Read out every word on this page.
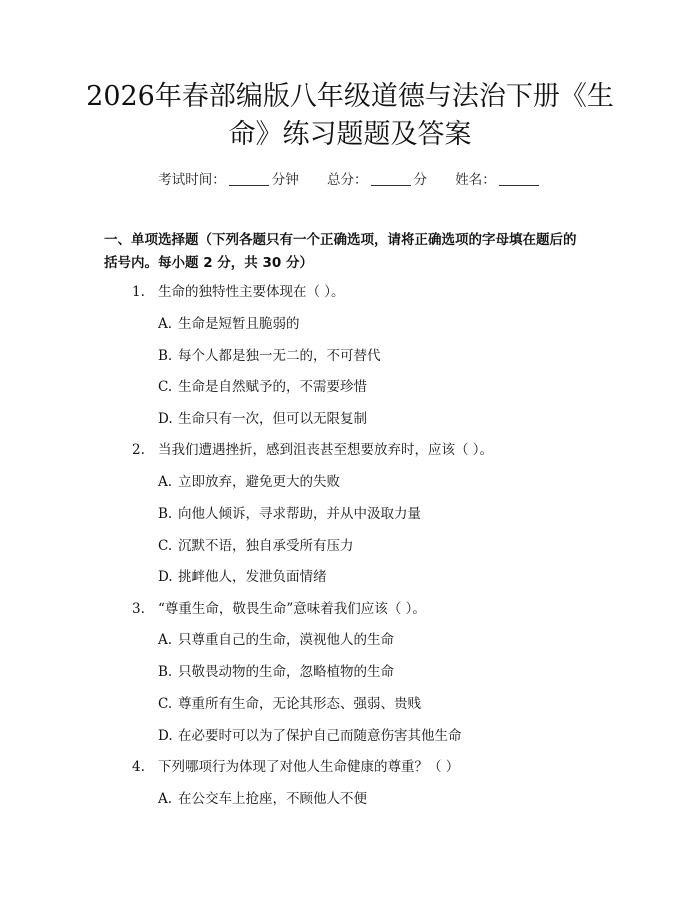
2026年春部编版八年级道德与法治下册《生
命》练习题题及答案
考试时间：	分钟 总分：	分 姓名：
一、单项选择题（下列各题只有一个正确选项，请将正确选项的字母填在题后的
括号内。每小题 2 分，共 30 分）
1. 生命的独特性主要体现在（ ）。
A. 生命是短暂且脆弱的
B. 每个人都是独一无二的，不可替代
C. 生命是自然赋予的，不需要珍惜
D. 生命只有一次，但可以无限复制
2. 当我们遭遇挫折，感到沮丧甚至想要放弃时，应该（ ）。
A. 立即放弃，避免更大的失败
B. 向他人倾诉，寻求帮助，并从中汲取力量
C. 沉默不语，独自承受所有压力
D. 挑衅他人，发泄负面情绪
3. “尊重生命，敬畏生命”意味着我们应该（ ）。
A. 只尊重自己的生命，漠视他人的生命
B. 只敬畏动物的生命，忽略植物的生命
C. 尊重所有生命，无论其形态、强弱、贵贱
D. 在必要时可以为了保护自己而随意伤害其他生命
4. 下列哪项行为体现了对他人生命健康的尊重？（ ）
A. 在公交车上抢座，不顾他人不便
